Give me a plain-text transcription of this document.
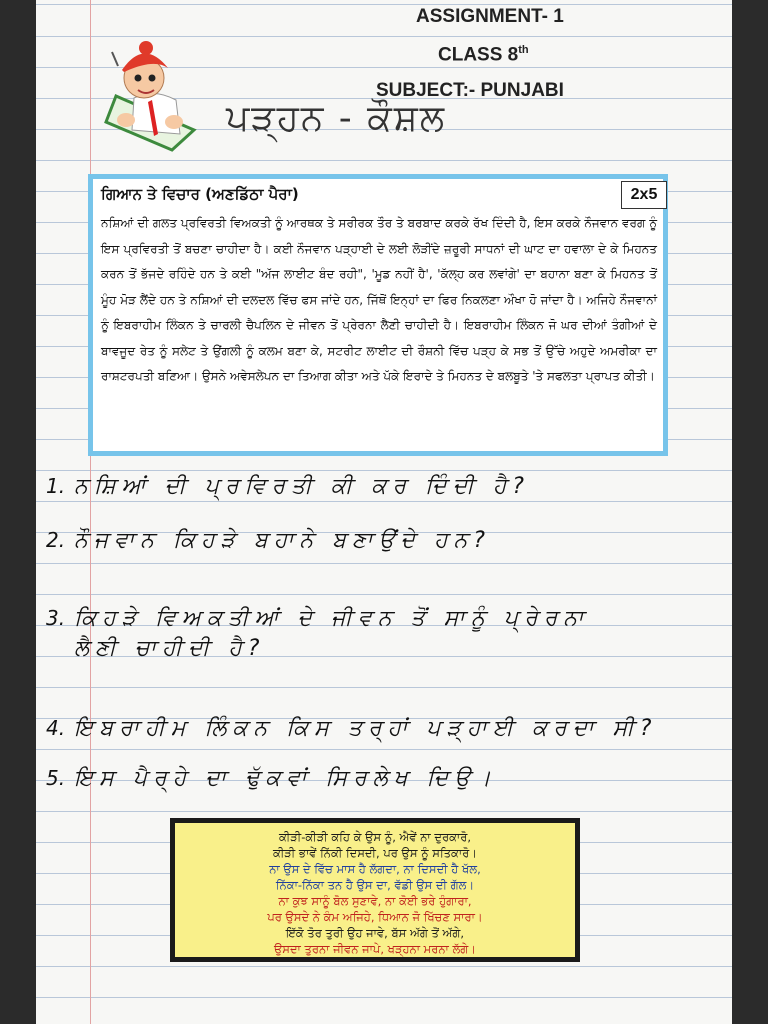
ASSIGNMENT- 1
CLASS 8th
SUBJECT:- PUNJABI
ਪੜ੍ਹਨ - ਕੌਸ਼ਲ
ਗਿਆਨ ਤੇ ਵਿਚਾਰ (ਅਣਡਿੱਠਾ ਪੈਰਾ)	2x5
ਨਸ਼ਿਆਂ ਦੀ ਗਲਤ ਪ੍ਰਵਿਰਤੀ ਵਿਅਕਤੀ ਨੂੰ ਆਰਥਕ ਤੇ ਸਰੀਰਕ ਤੌਰ ਤੇ ਬਰਬਾਦ ਕਰਕੇ ਰੱਖ ਦਿੰਦੀ ਹੈ, ਇਸ ਕਰਕੇ ਨੌਜਵਾਨ ਵਰਗ ਨੂੰ ਇਸ ਪ੍ਰਵਿਰਤੀ ਤੋਂ ਬਚਣਾ ਚਾਹੀਦਾ ਹੈ। ਕਈ ਨੌਜਵਾਨ ਪੜ੍ਹਾਈ ਦੇ ਲਈ ਲੋੜੀਂਦੇ ਜ਼ਰੂਰੀ ਸਾਧਨਾਂ ਦੀ ਘਾਟ ਦਾ ਹਵਾਲਾ ਦੇ ਕੇ ਮਿਹਨਤ ਕਰਨ ਤੋਂ ਭੱਜਦੇ ਰਹਿੰਦੇ ਹਨ ਤੇ ਕਈ "ਅੱਜ ਲਾਈਟ ਬੰਦ ਰਹੀ", 'ਮੂਡ ਨਹੀਂ ਹੈ', 'ਕੱਲ੍ਹ ਕਰ ਲਵਾਂਗੇ' ਦਾ ਬਹਾਨਾ ਬਣਾ ਕੇ ਮਿਹਨਤ ਤੋਂ ਮੂੰਹ ਮੋੜ ਲੈਂਦੇ ਹਨ ਤੇ ਨਸ਼ਿਆਂ ਦੀ ਦਲਦਲ ਵਿੱਚ ਫਸ ਜਾਂਦੇ ਹਨ, ਜਿੱਥੋਂ ਇਨ੍ਹਾਂ ਦਾ ਫਿਰ ਨਿਕਲਣਾ ਔਖਾ ਹੋ ਜਾਂਦਾ ਹੈ। ਅਜਿਹੇ ਨੌਜਵਾਨਾਂ ਨੂੰ ਇਬਰਾਹੀਮ ਲਿੰਕਨ ਤੇ ਚਾਰਲੀ ਚੈਪਲਿਨ ਦੇ ਜੀਵਨ ਤੋਂ ਪ੍ਰੇਰਨਾ ਲੈਣੀ ਚਾਹੀਦੀ ਹੈ। ਇਬਰਾਹੀਮ ਲਿੰਕਨ ਜੋ ਘਰ ਦੀਆਂ ਤੰਗੀਆਂ ਦੇ ਬਾਵਜੂਦ ਰੇਤ ਨੂੰ ਸਲੇਟ ਤੇ ਉਂਗਲੀ ਨੂੰ ਕਲਮ ਬਣਾ ਕੇ, ਸਟਰੀਟ ਲਾਈਟ ਦੀ ਰੌਸ਼ਨੀ ਵਿੱਚ ਪੜ੍ਹ ਕੇ ਸਭ ਤੋਂ ਉੱਚੇ ਅਹੁਦੇ ਅਮਰੀਕਾ ਦਾ ਰਾਸ਼ਟਰਪਤੀ ਬਣਿਆ। ਉਸਨੇ ਅਵੇਸਲੇਪਨ ਦਾ ਤਿਆਗ ਕੀਤਾ ਅਤੇ ਪੱਕੇ ਇਰਾਦੇ ਤੇ ਮਿਹਨਤ ਦੇ ਬਲਬੂਤੇ 'ਤੇ ਸਫਲਤਾ ਪ੍ਰਾਪਤ ਕੀਤੀ।
1. ਨਸ਼ਿਆਂ ਦੀ ਪ੍ਰਵਿਰਤੀ ਕੀ ਕਰ ਦਿੰਦੀ ਹੈ?
2. ਨੌਜਵਾਨ ਕਿਹੜੇ ਬਹਾਨੇ ਬਣਾਉਂਦੇ ਹਨ?
3. ਕਿਹੜੇ ਵਿਅਕਤੀਆਂ ਦੇ ਜੀਵਨ ਤੋਂ ਸਾਨੂੰ ਪ੍ਰੇਰਨਾ
ਲੈਣੀ ਚਾਹੀਦੀ ਹੈ?
4. ਇਬਰਾਹੀਮ ਲਿੰਕਨ ਕਿਸ ਤਰ੍ਹਾਂ ਪੜ੍ਹਾਈ ਕਰਦਾ ਸੀ?
5. ਇਸ ਪੈਰ੍ਹੇ ਦਾ ਢੁੱਕਵਾਂ ਸਿਰਲੇਖ ਦਿਉ।
ਕੀੜੀ-ਕੀੜੀ ਕਹਿ ਕੇ ਉਸ ਨੂੰ, ਐਵੇਂ ਨਾ ਦੁਰਕਾਰੋ,
ਕੀੜੀ ਭਾਵੇਂ ਨਿੱਕੀ ਦਿਸਦੀ, ਪਰ ਉਸ ਨੂੰ ਸਤਿਕਾਰੋ।
ਨਾ ਉਸ ਦੇ ਵਿੱਚ ਮਾਸ ਹੈ ਲੱਗਦਾ, ਨਾ ਦਿਸਦੀ ਹੈ ਖੱਲ,
ਨਿੱਕਾ-ਨਿੱਕਾ ਤਨ ਹੈ ਉਸ ਦਾ, ਵੱਡੀ ਉਸ ਦੀ ਗੱਲ।
ਨਾ ਕੁਝ ਸਾਨੂੰ ਬੋਲ ਸੁਣਾਵੇ, ਨਾ ਕੋਈ ਭਰੇ ਹੁੰਗਾਰਾ,
ਪਰ ਉਸਦੇ ਨੇ ਕੰਮ ਅਜਿਹੇ, ਧਿਆਨ ਜੋ ਖਿੱਚਣ ਸਾਰਾ।
ਇੱਕੋ ਤੋਰ ਤੁਰੀ ਉਹ ਜਾਵੇ, ਬੱਸ ਅੱਗੇ ਤੋਂ ਅੱਗੇ,
ਉਸਦਾ ਤੁਰਨਾ ਜੀਵਨ ਜਾਪੇ, ਖੜ੍ਹਨਾ ਮਰਨਾ ਲੱਗੇ।
